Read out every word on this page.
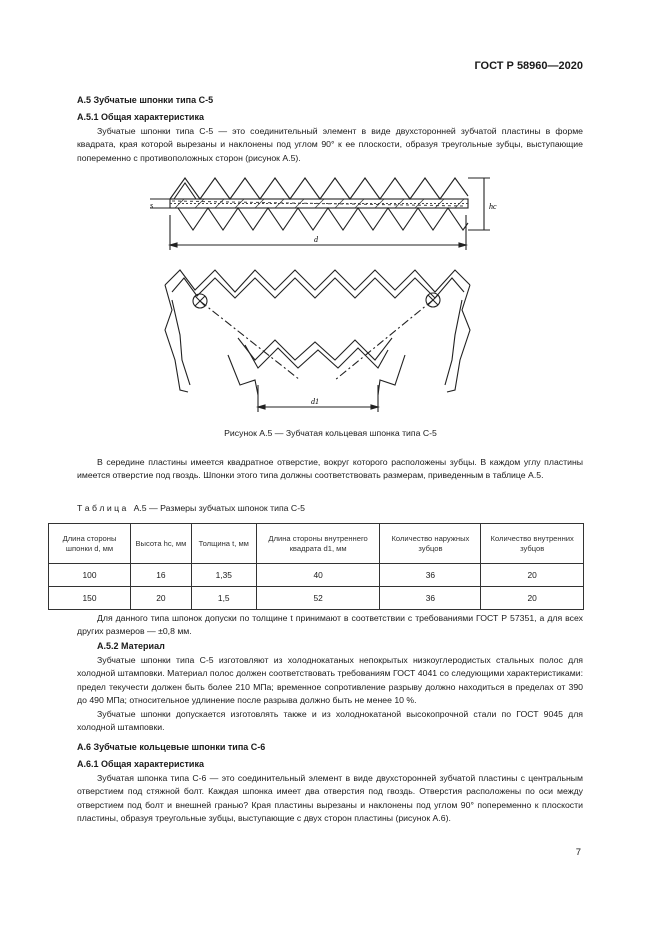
ГОСТ Р 58960—2020
А.5 Зубчатые шпонки типа С-5
А.5.1 Общая характеристика
Зубчатые шпонки типа С-5 — это соединительный элемент в виде двухсторонней зубчатой пластины в форме квадрата, края которой вырезаны и наклонены под углом 90° к ее плоскости, образуя треугольные зубцы, выступающие попеременно с противоположных сторон (рисунок А.5).
s	hc
d
d1
Рисунок А.5 — Зубчатая кольцевая шпонка типа С-5
В середине пластины имеется квадратное отверстие, вокруг которого расположены зубцы. В каждом углу пластины имеется отверстие под гвоздь. Шпонки этого типа должны соответствовать размерам, приведенным в таблице А.5.
Т а б л и ц а   А.5 — Размеры зубчатых шпонок типа С-5
Длина стороны шпонки d, мм	Высота hc, мм	Толщина t, мм	Длина стороны внутреннего квадрата d1, мм	Количество наружных зубцов	Количество внутренних зубцов
100	16	1,35	40	36	20
150	20	1,5	52	36	20
Для данного типа шпонок допуски по толщине t принимают в соответствии с требованиями ГОСТ Р 57351, а для всех других размеров — ±0,8 мм.
А.5.2 Материал
Зубчатые шпонки типа С-5 изготовляют из холоднокатаных непокрытых низкоуглеродистых стальных полос для холодной штамповки. Материал полос должен соответствовать требованиям ГОСТ 4041 со следующими характеристиками: предел текучести должен быть более 210 МПа; временное сопротивление разрыву должно находиться в пределах от 390 до 490 МПа; относительное удлинение после разрыва должно быть не менее 10 %.
Зубчатые шпонки допускается изготовлять также и из холоднокатаной высокопрочной стали по ГОСТ 9045 для холодной штамповки.
А.6 Зубчатые кольцевые шпонки типа С-6
А.6.1 Общая характеристика
Зубчатая шпонка типа С-6 — это соединительный элемент в виде двухсторонней зубчатой пластины с центральным отверстием под стяжной болт. Каждая шпонка имеет два отверстия под гвоздь. Отверстия расположены по оси между отверстием под болт и внешней гранью? Края пластины вырезаны и наклонены под углом 90° попеременно к плоскости пластины, образуя треугольные зубцы, выступающие с двух сторон пластины (рисунок А.6).
7
